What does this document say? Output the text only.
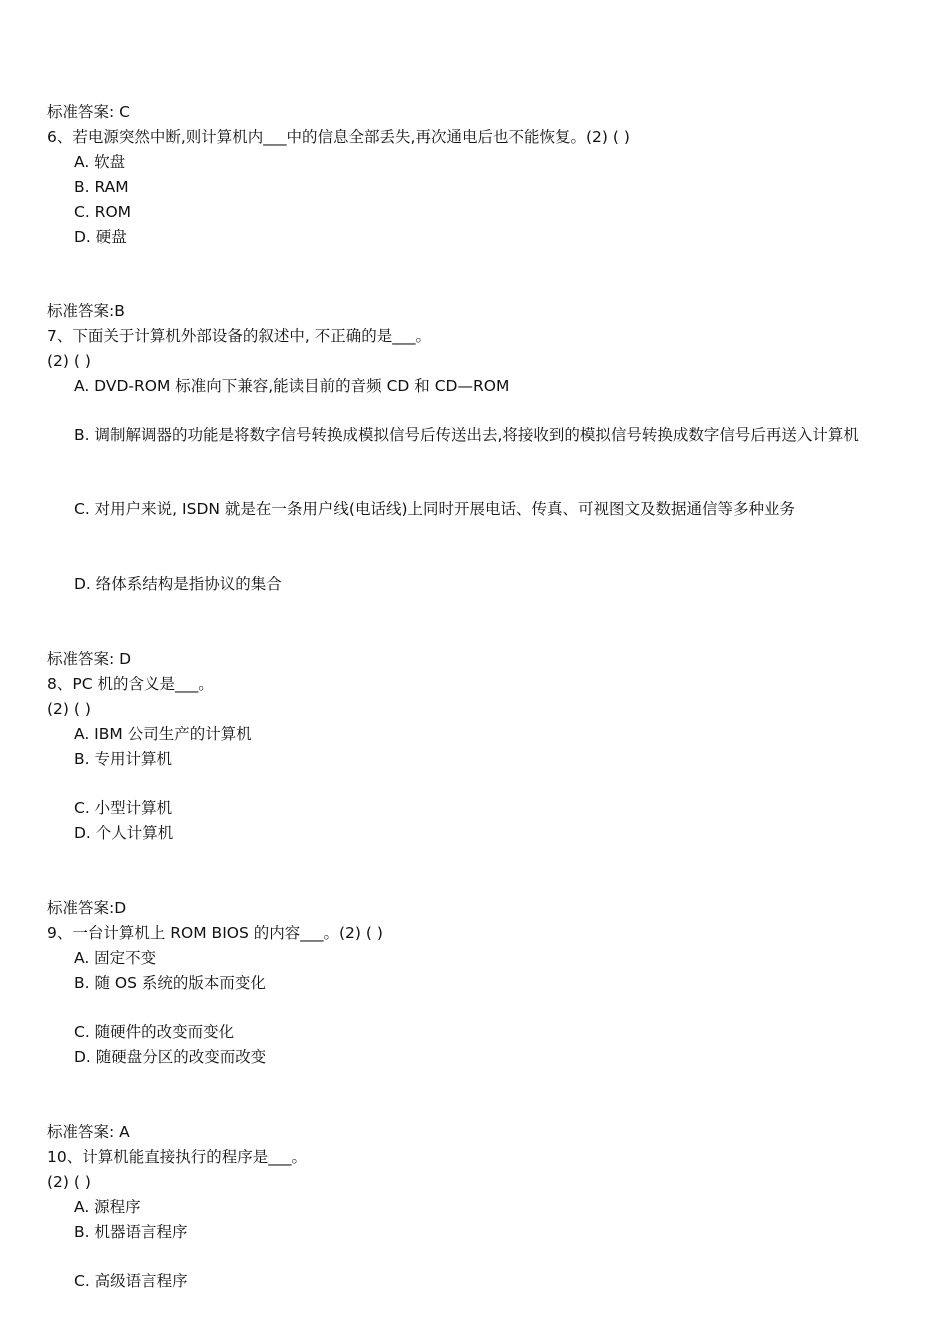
标准答案: C
6、若电源突然中断,则计算机内___中的信息全部丢失,再次通电后也不能恢复。(2) ( )
A. 软盘
B. RAM
C. ROM
D. 硬盘
标准答案:B
7、下面关于计算机外部设备的叙述中, 不正确的是___。
(2) ( )
A. DVD-ROM 标准向下兼容,能读目前的音频 CD 和 CD—ROM
B. 调制解调器的功能是将数字信号转换成模拟信号后传送出去,将接收到的模拟信号转换成数字信号后再送入计算机
C. 对用户来说, ISDN 就是在一条用户线(电话线)上同时开展电话、传真、可视图文及数据通信等多种业务
D. 络体系结构是指协议的集合
标准答案: D
8、PC 机的含义是___。
(2) ( )
A. IBM 公司生产的计算机
B. 专用计算机
C. 小型计算机
D. 个人计算机
标准答案:D
9、一台计算机上 ROM BIOS 的内容___。(2) ( )
A. 固定不变
B. 随 OS 系统的版本而变化
C. 随硬件的改变而变化
D. 随硬盘分区的改变而改变
标准答案: A
10、计算机能直接执行的程序是___。
(2) ( )
A. 源程序
B. 机器语言程序
C. 高级语言程序
